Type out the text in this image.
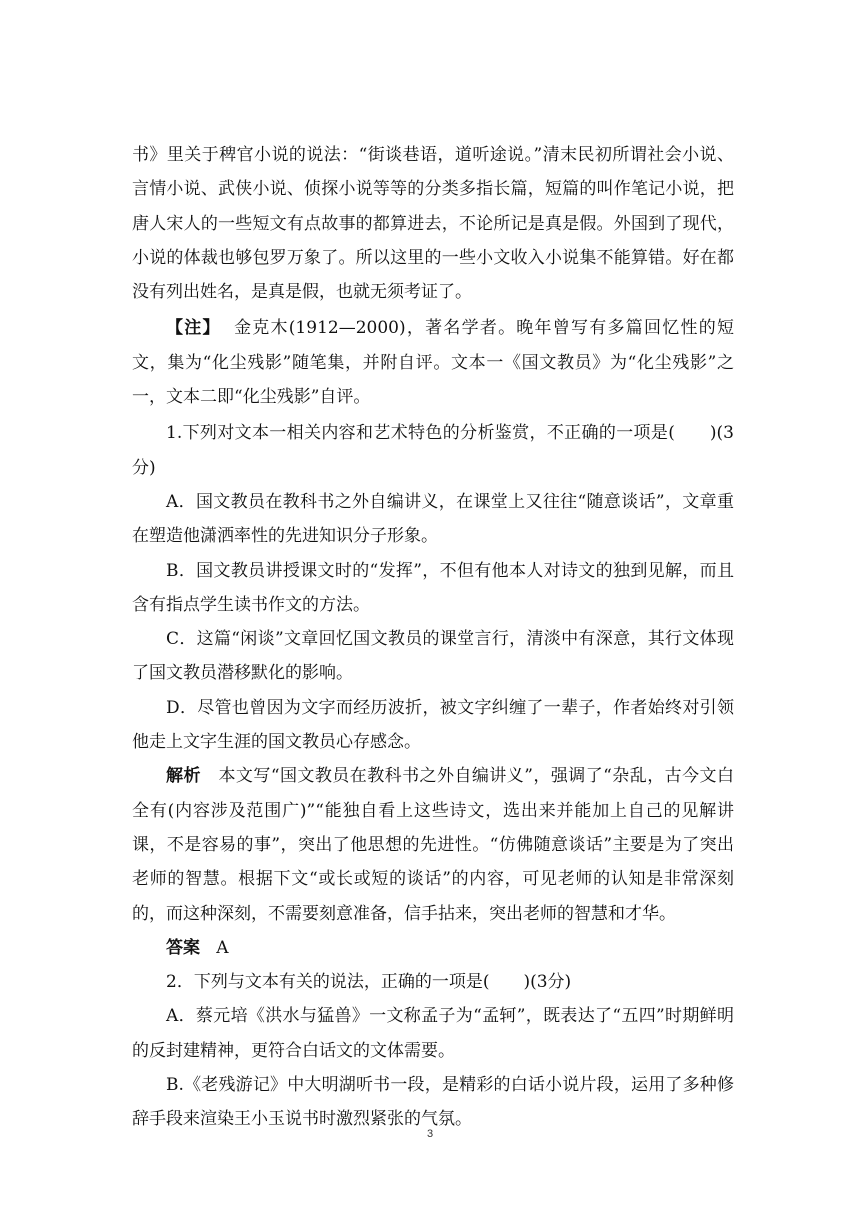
书》里关于稗官小说的说法：“街谈巷语，道听途说。”清末民初所谓社会小说、言情小说、武侠小说、侦探小说等等的分类多指长篇，短篇的叫作笔记小说，把唐人宋人的一些短文有点故事的都算进去，不论所记是真是假。外国到了现代，小说的体裁也够包罗万象了。所以这里的一些小文收入小说集不能算错。好在都没有列出姓名，是真是假，也就无须考证了。

【注】 金克木(1912—2000)，著名学者。晚年曾写有多篇回忆性的短文，集为“化尘残影”随笔集，并附自评。文本一《国文教员》为“化尘残影”之一，文本二即“化尘残影”自评。

1.下列对文本一相关内容和艺术特色的分析鉴赏，不正确的一项是(　　)(3分)

A．国文教员在教科书之外自编讲义，在课堂上又往往“随意谈话”，文章重在塑造他潇洒率性的先进知识分子形象。

B．国文教员讲授课文时的“发挥”，不但有他本人对诗文的独到见解，而且含有指点学生读书作文的方法。

C．这篇“闲谈”文章回忆国文教员的课堂言行，清淡中有深意，其行文体现了国文教员潜移默化的影响。

D．尽管也曾因为文字而经历波折，被文字纠缠了一辈子，作者始终对引领他走上文字生涯的国文教员心存感念。

解析 本文写“国文教员在教科书之外自编讲义”，强调了“杂乱，古今文白全有(内容涉及范围广)”“能独自看上这些诗文，选出来并能加上自己的见解讲课，不是容易的事”，突出了他思想的先进性。“仿佛随意谈话”主要是为了突出老师的智慧。根据下文“或长或短的谈话”的内容，可见老师的认知是非常深刻的，而这种深刻，不需要刻意准备，信手拈来，突出老师的智慧和才华。

答案 A

2．下列与文本有关的说法，正确的一项是(　　)(3分)

A．蔡元培《洪水与猛兽》一文称孟子为“孟轲”，既表达了“五四”时期鲜明的反封建精神，更符合白话文的文体需要。

B.《老残游记》中大明湖听书一段，是精彩的白话小说片段，运用了多种修辞手段来渲染王小玉说书时激烈紧张的气氛。

3
